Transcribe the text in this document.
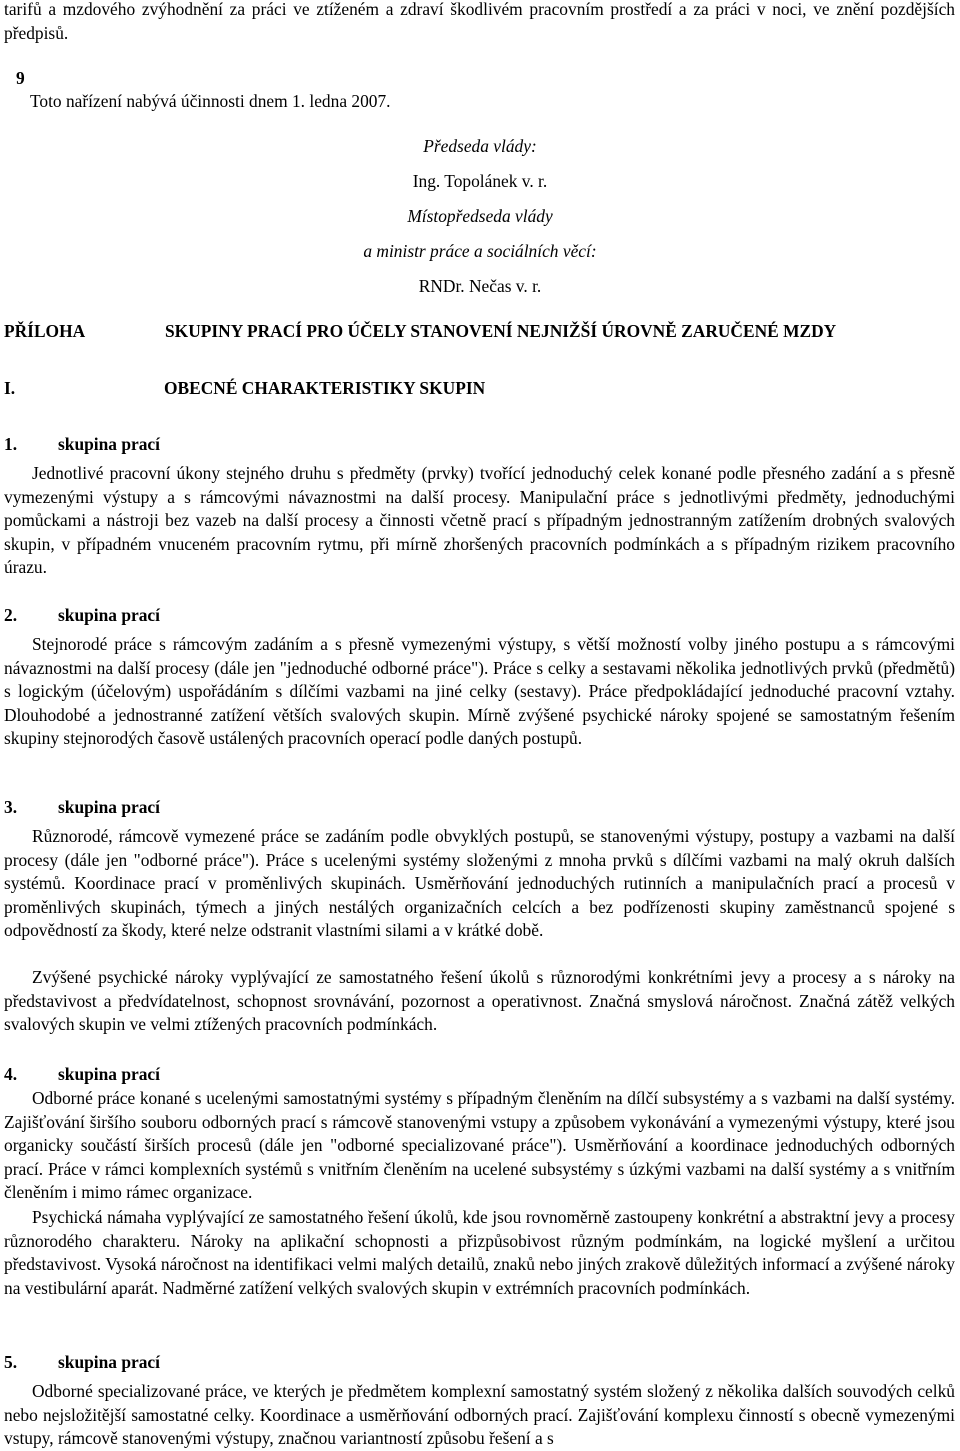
tarifů a mzdového zvýhodnění za práci ve ztíženém a zdraví škodlivém pracovním prostředí a za práci v noci, ve znění pozdějších předpisů.

9

Toto nařízení nabývá účinnosti dnem 1. ledna 2007.

Předseda vlády:
Ing. Topolánek v. r.
Místopředseda vlády
a ministr práce a sociálních věcí:
RNDr. Nečas v. r.
PŘÍLOHA	SKUPINY PRACÍ PRO ÚČELY STANOVENÍ NEJNIŽŠÍ ÚROVNĚ ZARUČENÉ MZDY
I.	OBECNÉ CHARAKTERISTIKY SKUPIN
1. skupina prací

Jednotlivé pracovní úkony stejného druhu s předměty (prvky) tvořící jednoduchý celek konané podle přesného zadání a s přesně vymezenými výstupy a s rámcovými návaznostmi na další procesy. Manipulační práce s jednotlivými předměty, jednoduchými pomůckami a nástroji bez vazeb na další procesy a činnosti včetně prací s případným jednostranným zatížením drobných svalových skupin, v případném vnuceném pracovním rytmu, při mírně zhoršených pracovních podmínkách a s případným rizikem pracovního úrazu.

2. skupina prací

Stejnorodé práce s rámcovým zadáním a s přesně vymezenými výstupy, s větší možností volby jiného postupu a s rámcovými návaznostmi na další procesy (dále jen "jednoduché odborné práce"). Práce s celky a sestavami několika jednotlivých prvků (předmětů) s logickým (účelovým) uspořádáním s dílčími vazbami na jiné celky (sestavy). Práce předpokládající jednoduché pracovní vztahy. Dlouhodobé a jednostranné zatížení větších svalových skupin. Mírně zvýšené psychické nároky spojené se samostatným řešením skupiny stejnorodých časově ustálených pracovních operací podle daných postupů.

3. skupina prací

Různorodé, rámcově vymezené práce se zadáním podle obvyklých postupů, se stanovenými výstupy, postupy a vazbami na další procesy (dále jen "odborné práce"). Práce s ucelenými systémy složenými z mnoha prvků s dílčími vazbami na malý okruh dalších systémů. Koordinace prací v proměnlivých skupinách. Usměrňování jednoduchých rutinních a manipulačních prací a procesů v proměnlivých skupinách, týmech a jiných nestálých organizačních celcích a bez podřízenosti skupiny zaměstnanců spojené s odpovědností za škody, které nelze odstranit vlastními silami a v krátké době.

Zvýšené psychické nároky vyplývající ze samostatného řešení úkolů s různorodými konkrétními jevy a procesy a s nároky na představivost a předvídatelnost, schopnost srovnávání, pozornost a operativnost. Značná smyslová náročnost. Značná zátěž velkých svalových skupin ve velmi ztížených pracovních podmínkách.

4. skupina prací

Odborné práce konané s ucelenými samostatnými systémy s případným členěním na dílčí subsystémy a s vazbami na další systémy. Zajišťování širšího souboru odborných prací s rámcově stanovenými vstupy a způsobem vykonávání a vymezenými výstupy, které jsou organicky součástí širších procesů (dále jen "odborné specializované práce"). Usměrňování a koordinace jednoduchých odborných prací. Práce v rámci komplexních systémů s vnitřním členěním na ucelené subsystémy s úzkými vazbami na další systémy a s vnitřním členěním i mimo rámec organizace.

Psychická námaha vyplývající ze samostatného řešení úkolů, kde jsou rovnoměrně zastoupeny konkrétní a abstraktní jevy a procesy různorodého charakteru. Nároky na aplikační schopnosti a přizpůsobivost různým podmínkám, na logické myšlení a určitou představivost. Vysoká náročnost na identifikaci velmi malých detailů, znaků nebo jiných zrakově důležitých informací a zvýšené nároky na vestibulární aparát. Nadměrné zatížení velkých svalových skupin v extrémních pracovních podmínkách.

5. skupina prací

Odborné specializované práce, ve kterých je předmětem komplexní samostatný systém složený z několika dalších souvodých celků nebo nejsložitější samostatné celky. Koordinace a usměrňování odborných prací. Zajišťování komplexu činností s obecně vymezenými vstupy, rámcově stanovenými výstupy, značnou variantností způsobu řešení a s
